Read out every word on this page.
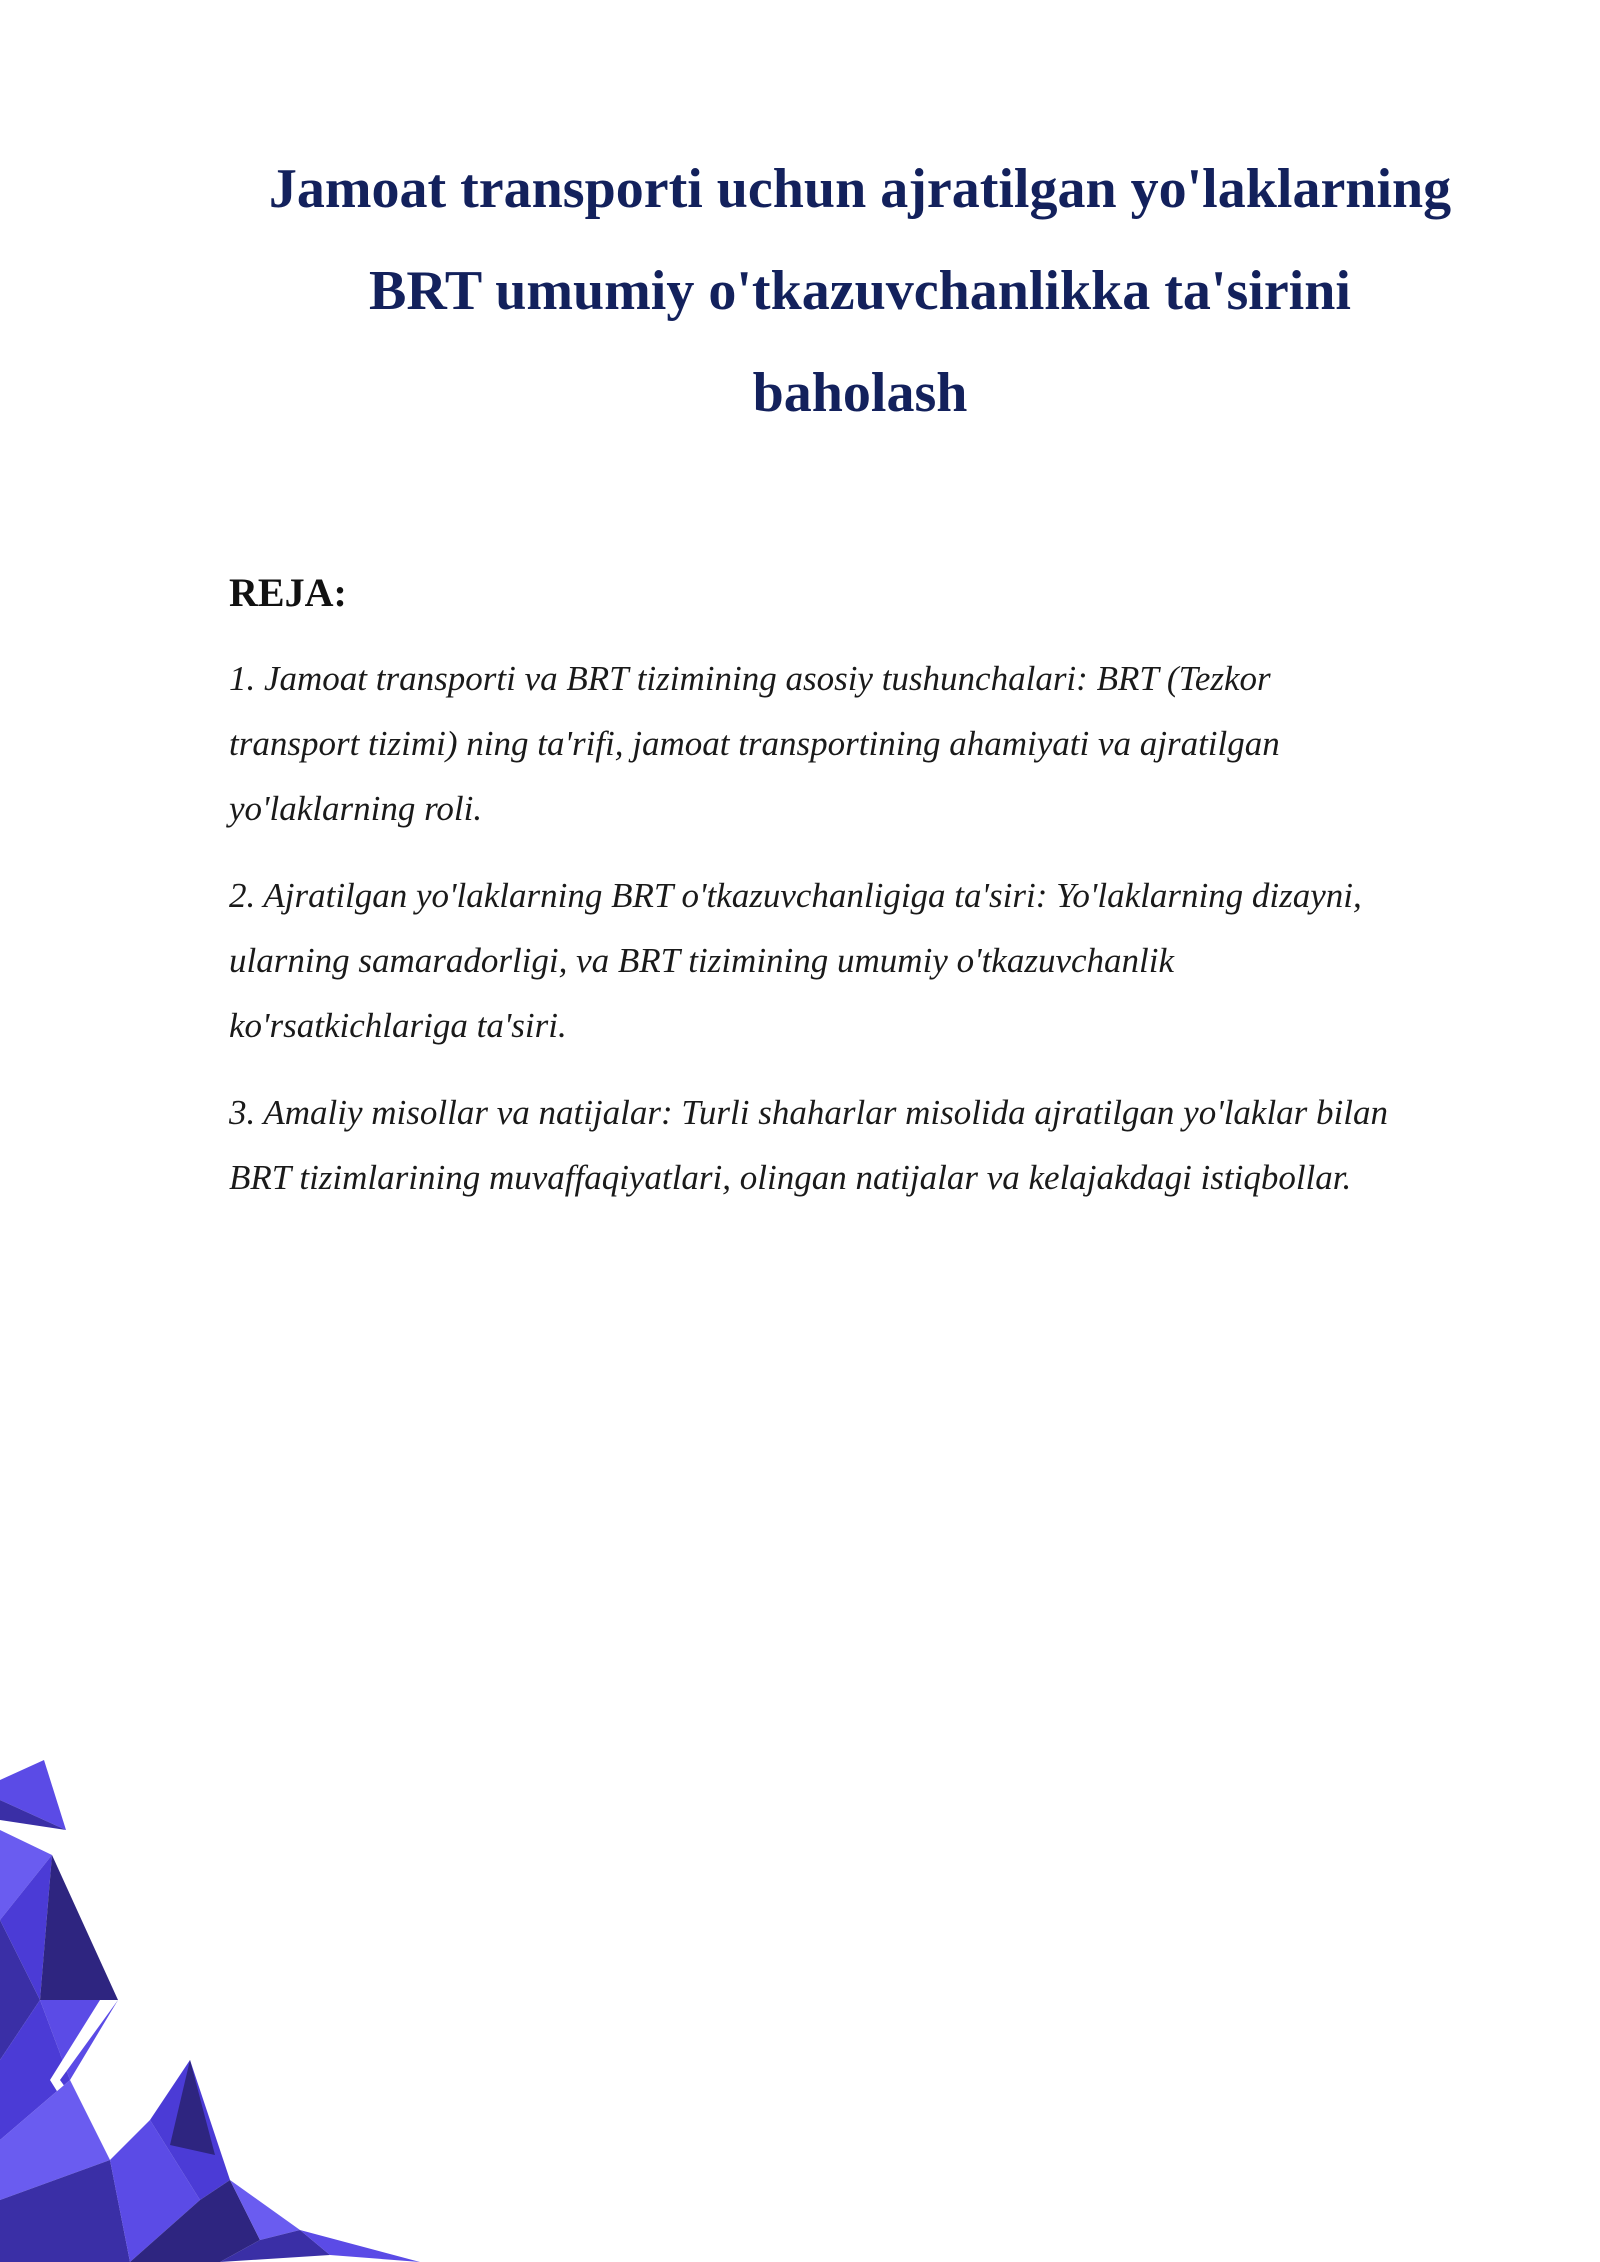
Jamoat transporti uchun ajratilgan yo'laklarning
BRT umumiy o'tkazuvchanlikka ta'sirini
baholash
REJA:
1. Jamoat transporti va BRT tizimining asosiy tushunchalari: BRT (Tezkor
transport tizimi) ning ta'rifi, jamoat transportining ahamiyati va ajratilgan
yo'laklarning roli.
2. Ajratilgan yo'laklarning BRT o'tkazuvchanligiga ta'siri: Yo'laklarning dizayni,
ularning samaradorligi, va BRT tizimining umumiy o'tkazuvchanlik
ko'rsatkichlariga ta'siri.
3. Amaliy misollar va natijalar: Turli shaharlar misolida ajratilgan yo'laklar bilan
BRT tizimlarining muvaffaqiyatlari, olingan natijalar va kelajakdagi istiqbollar.
